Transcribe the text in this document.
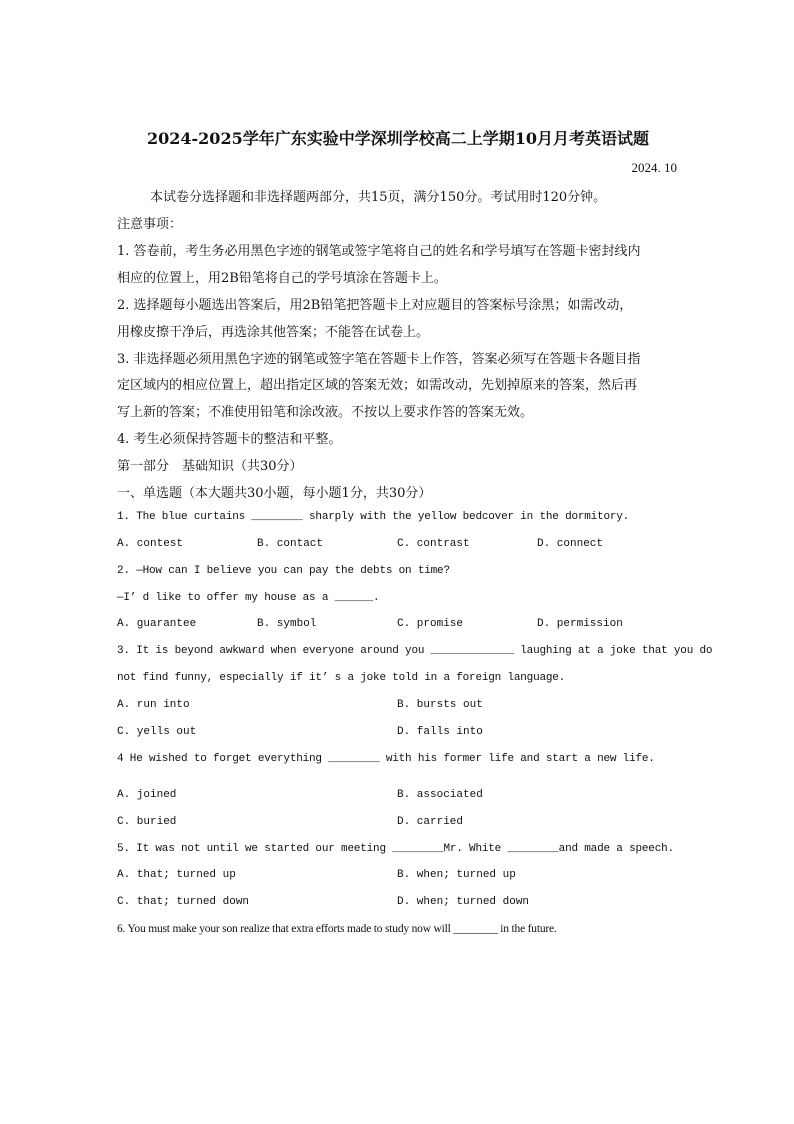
2024-2025学年广东实验中学深圳学校高二上学期10月月考英语试题
2024. 10
本试卷分选择题和非选择题两部分，共15页，满分150分。考试用时120分钟。
注意事项：
1. 答卷前，考生务必用黑色字迹的钢笔或签字笔将自己的姓名和学号填写在答题卡密封线内
相应的位置上，用2B铅笔将自己的学号填涂在答题卡上。
2. 选择题每小题选出答案后，用2B铅笔把答题卡上对应题目的答案标号涂黑；如需改动，
用橡皮擦干净后，再选涂其他答案；不能答在试卷上。
3. 非选择题必须用黑色字迹的钢笔或签字笔在答题卡上作答，答案必须写在答题卡各题目指
定区域内的相应位置上，超出指定区域的答案无效；如需改动，先划掉原来的答案，然后再
写上新的答案；不准使用铅笔和涂改液。不按以上要求作答的答案无效。
4. 考生必须保持答题卡的整洁和平整。
第一部分　基础知识（共30分）
一、单选题（本大题共30小题，每小题1分，共30分）
1. The blue curtains ________ sharply with the yellow bedcover in the dormitory.
A. contest	B. contact	C. contrast	D. connect
2. —How can I believe you can pay the debts on time?
—I’ d like to offer my house as a ______.
A. guarantee	B. symbol	C. promise	D. permission
3. It is beyond awkward when everyone around you _____________ laughing at a joke that you do
not find funny, especially if it’ s a joke told in a foreign language.
A. run into	B. bursts out
C. yells out	D. falls into
4 He wished to forget everything ________ with his former life and start a new life.
A. joined	B. associated
C. buried	D. carried
5. It was not until we started our meeting ________Mr. White ________and made a speech.
A. that; turned up	B. when; turned up
C. that; turned down	D. when; turned down
6. You must make your son realize that extra efforts made to study now will ________ in the future.
